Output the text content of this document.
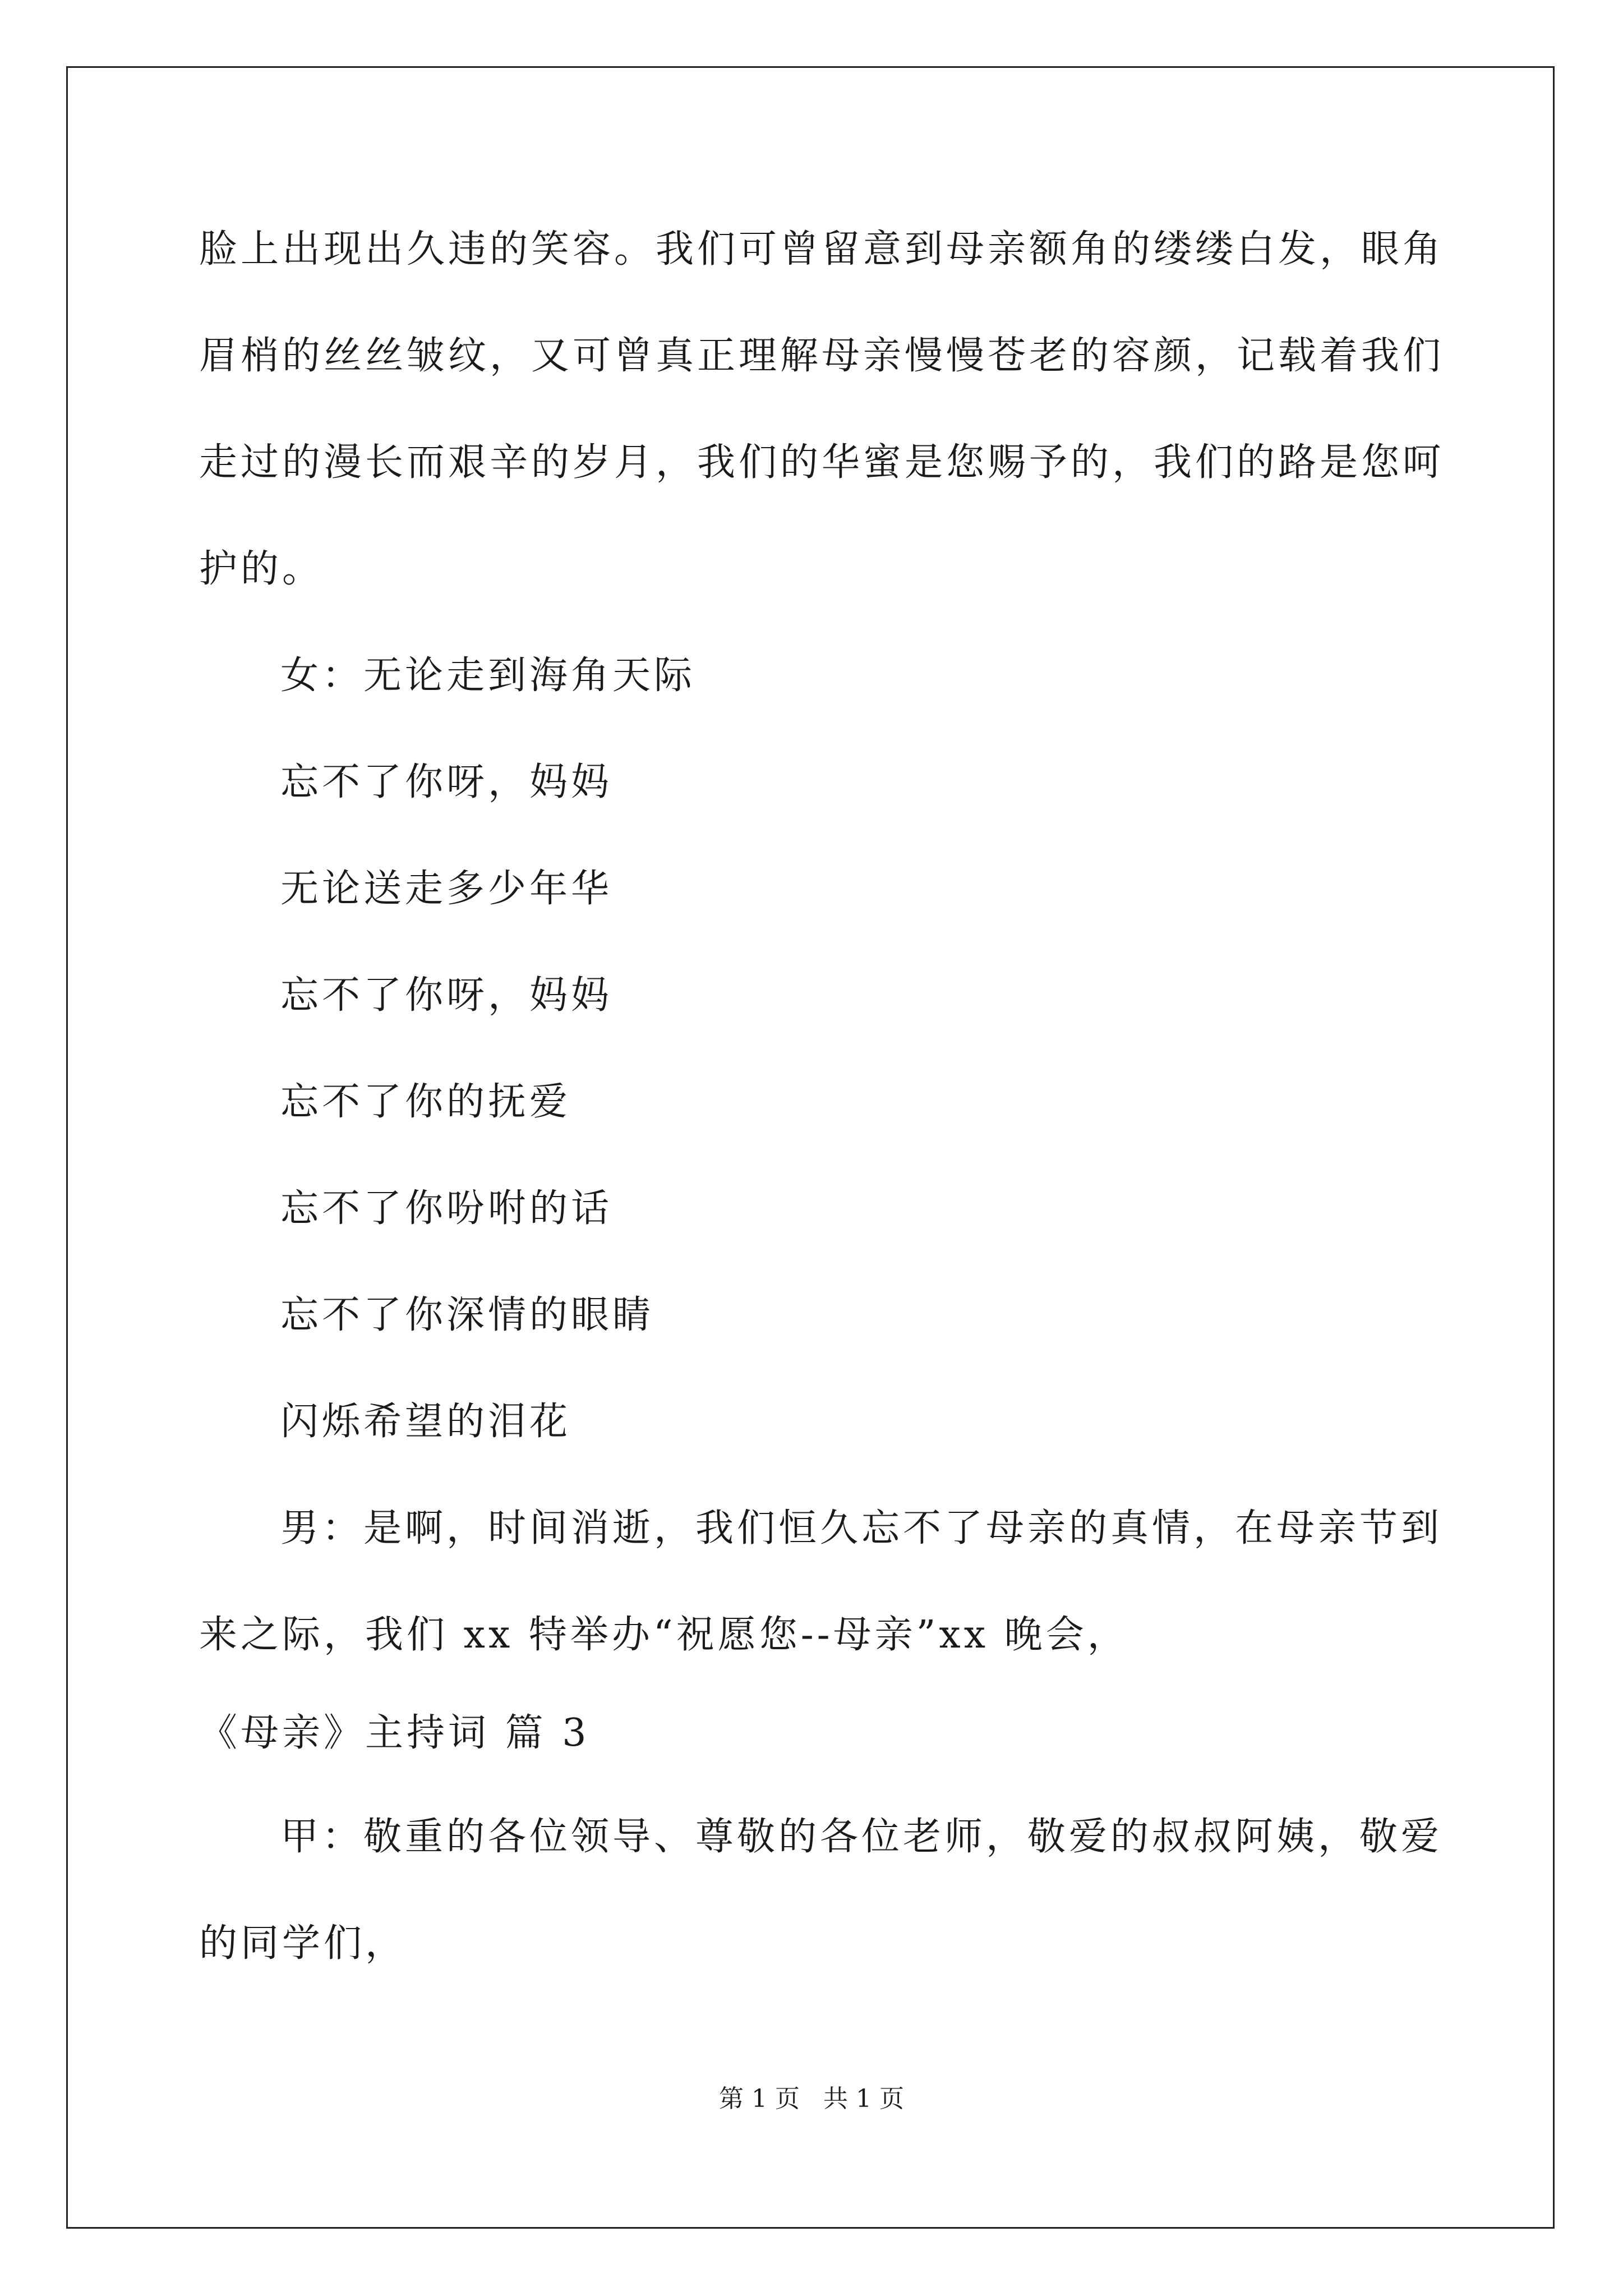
脸上出现出久违的笑容。我们可曾留意到母亲额角的缕缕白发，眼角
眉梢的丝丝皱纹，又可曾真正理解母亲慢慢苍老的容颜，记载着我们
走过的漫长而艰辛的岁月，我们的华蜜是您赐予的，我们的路是您呵
护的。
女：无论走到海角天际
忘不了你呀，妈妈
无论送走多少年华
忘不了你呀，妈妈
忘不了你的抚爱
忘不了你吩咐的话
忘不了你深情的眼睛
闪烁希望的泪花
男：是啊，时间消逝，我们恒久忘不了母亲的真情，在母亲节到
来之际，我们 xx 特举办“祝愿您--母亲”xx 晚会，
《母亲》主持词 篇 3
甲：敬重的各位领导、尊敬的各位老师，敬爱的叔叔阿姨，敬爱
的同学们，
第 1 页   共 1 页
